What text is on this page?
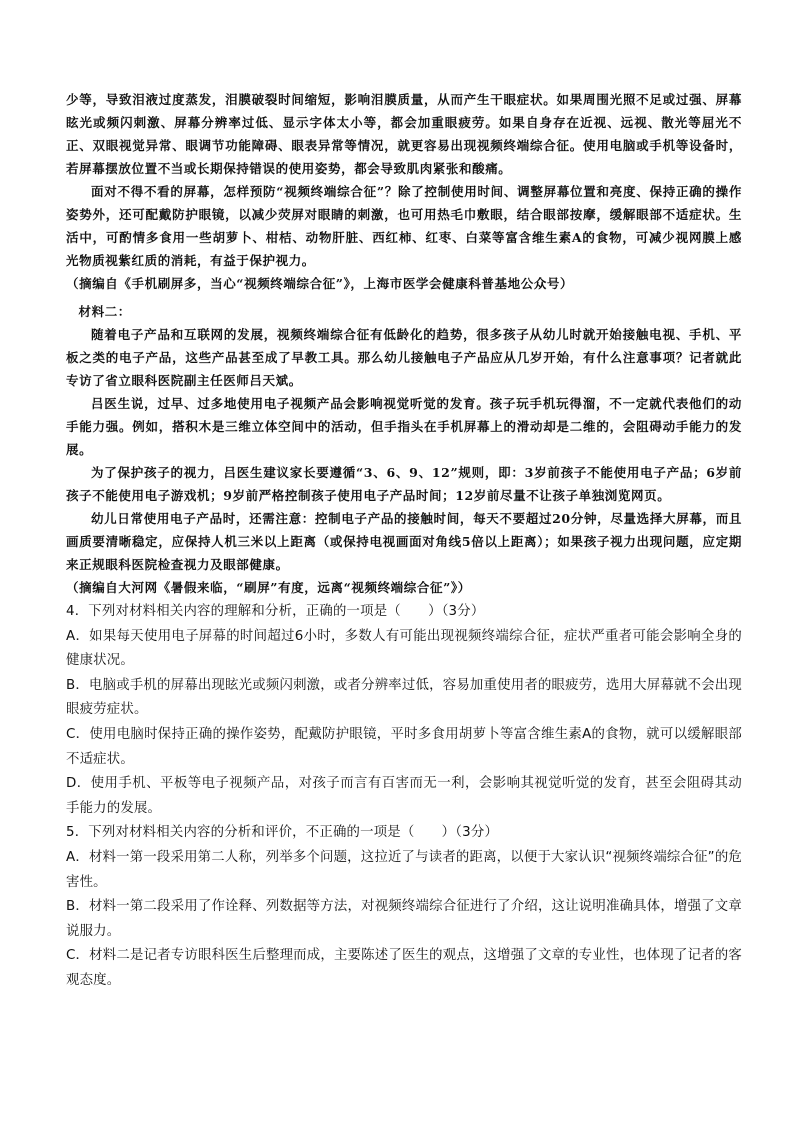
少等，导致泪液过度蒸发，泪膜破裂时间缩短，影响泪膜质量，从而产生干眼症状。如果周围光照不足或过强、屏幕眩光或频闪刺激、屏幕分辨率过低、显示字体太小等，都会加重眼疲劳。如果自身存在近视、远视、散光等屈光不正、双眼视觉异常、眼调节功能障碍、眼表异常等情况，就更容易出现视频终端综合征。使用电脑或手机等设备时，若屏幕摆放位置不当或长期保持错误的使用姿势，都会导致肌肉紧张和酸痛。

面对不得不看的屏幕，怎样预防“视频终端综合征”？除了控制使用时间、调整屏幕位置和亮度、保持正确的操作姿势外，还可配戴防护眼镜，以减少荧屏对眼睛的刺激，也可用热毛巾敷眼，结合眼部按摩，缓解眼部不适症状。生活中，可酌情多食用一些胡萝卜、柑桔、动物肝脏、西红柿、红枣、白菜等富含维生素A的食物，可减少视网膜上感光物质视紫红质的消耗，有益于保护视力。

（摘编自《手机刷屏多，当心“视频终端综合征”》，上海市医学会健康科普基地公众号）

材料二：

随着电子产品和互联网的发展，视频终端综合征有低龄化的趋势，很多孩子从幼儿时就开始接触电视、手机、平板之类的电子产品，这些产品甚至成了早教工具。那么幼儿接触电子产品应从几岁开始，有什么注意事项？记者就此专访了省立眼科医院副主任医师吕天斌。

吕医生说，过早、过多地使用电子视频产品会影响视觉听觉的发育。孩子玩手机玩得溜，不一定就代表他们的动手能力强。例如，搭积木是三维立体空间中的活动，但手指头在手机屏幕上的滑动却是二维的，会阻碍动手能力的发展。

为了保护孩子的视力，吕医生建议家长要遵循“3、6、9、12”规则，即：3岁前孩子不能使用电子产品；6岁前孩子不能使用电子游戏机；9岁前严格控制孩子使用电子产品时间；12岁前尽量不让孩子单独浏览网页。

幼儿日常使用电子产品时，还需注意：控制电子产品的接触时间，每天不要超过20分钟，尽量选择大屏幕，而且画质要清晰稳定，应保持人机三米以上距离（或保持电视画面对角线5倍以上距离）；如果孩子视力出现问题，应定期来正规眼科医院检查视力及眼部健康。

（摘编自大河网《暑假来临，“刷屏”有度，远离“视频终端综合征”》）

4．下列对材料相关内容的理解和分析，正确的一项是（　　）（3分）

A．如果每天使用电子屏幕的时间超过6小时，多数人有可能出现视频终端综合征，症状严重者可能会影响全身的健康状况。

B．电脑或手机的屏幕出现眩光或频闪刺激，或者分辨率过低，容易加重使用者的眼疲劳，选用大屏幕就不会出现眼疲劳症状。

C．使用电脑时保持正确的操作姿势，配戴防护眼镜，平时多食用胡萝卜等富含维生素A的食物，就可以缓解眼部不适症状。

D．使用手机、平板等电子视频产品，对孩子而言有百害而无一利，会影响其视觉听觉的发育，甚至会阻碍其动手能力的发展。

5．下列对材料相关内容的分析和评价，不正确的一项是（　　）（3分）

A．材料一第一段采用第二人称，列举多个问题，这拉近了与读者的距离，以便于大家认识“视频终端综合征”的危害性。

B．材料一第二段采用了作诠释、列数据等方法，对视频终端综合征进行了介绍，这让说明准确具体，增强了文章说服力。

C．材料二是记者专访眼科医生后整理而成，主要陈述了医生的观点，这增强了文章的专业性，也体现了记者的客观态度。
